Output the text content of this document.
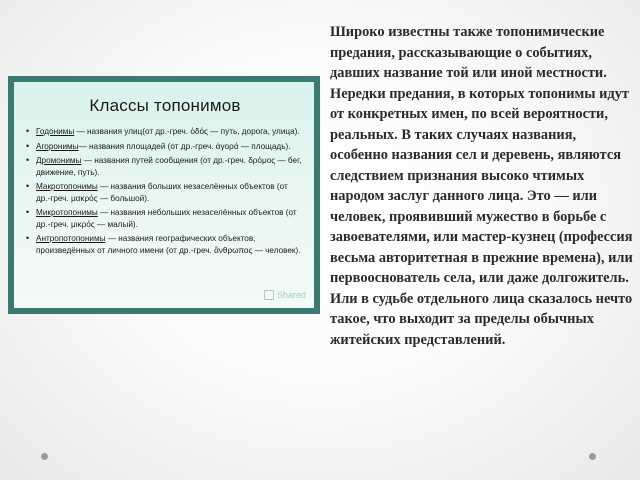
Классы топонимов
• Годонимы — названия улиц(от др.-греч. ὁδός — путь, дорога, улица).
• Агоронимы— названия площадей (от др.-греч. ἀγορά — площадь).
• Дромонимы — названия путей сообщения (от др.-греч. δρόμος — бег, движение, путь).
• Макротопонимы — названия больших незаселённых объектов (от др.-греч. μακρός — большой).
• Микротопонимы — названия небольших незаселённых объектов (от др.-греч. μικρός — малый).
• Антропотопонимы — названия географических объектов, произведённых от личного имени (от др.-греч. ἄνθρωπος — человек).
Shared

Широко известны также топонимические предания, рассказывающие о событиях, давших название той или иной местности. Нередки предания, в которых топонимы идут от конкретных имен, по всей вероятности, реальных. В таких случаях названия, особенно названия сел и деревень, являются следствием признания высоко чтимых народом заслуг данного лица. Это — или человек, проявивший мужество в борьбе с завоевателями, или мастер-кузнец (профессия весьма авторитетная в прежние времена), или первооснователь села, или даже долгожитель. Или в судьбе отдельного лица сказалось нечто такое, что выходит за пределы обычных житейских представлений.
